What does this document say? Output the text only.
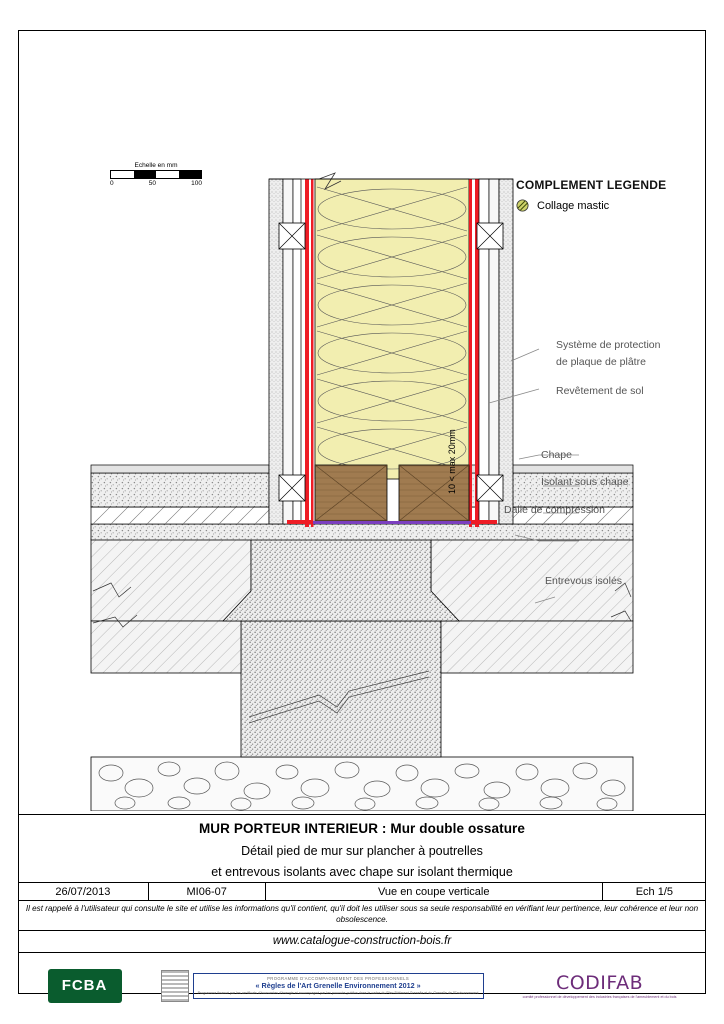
Echelle en mm
0	50	100	COMPLEMENT LEGENDE
Collage mastic
Système de protection
de plaque de plâtre
Revêtement de sol
Chape
Isolant sous chape
Dalle de compression
Entrevous isolés
10 < max 20mm
MUR PORTEUR INTERIEUR : Mur double ossature
Détail pied de mur sur plancher à poutrelles
et entrevous isolants avec chape sur isolant thermique
26/07/2013	MI06-07	Vue en coupe verticale	Ech 1/5
Il est rappelé à l'utilisateur qui consulte le site et utilise les informations qu'il contient, qu'il doit les utiliser sous sa seule responsabilité en vérifiant leur pertinence, leur cohérence et leur non obsolescence.
www.catalogue-construction-bois.fr
FCBA	PROGRAMME D'ACCOMPAGNEMENT DES PROFESSIONNELS
« Règles de l'Art Grenelle Environnement 2012 »
Programme financé par les certificats d'économies d'énergie et accompagné par les pouvoirs publics dans le cadre du Plan Bâtiment Grenelle et du Grenelle de l'Environnement	CODIFAB
comité professionnel de développement des industries françaises de l'ameublement et du bois
